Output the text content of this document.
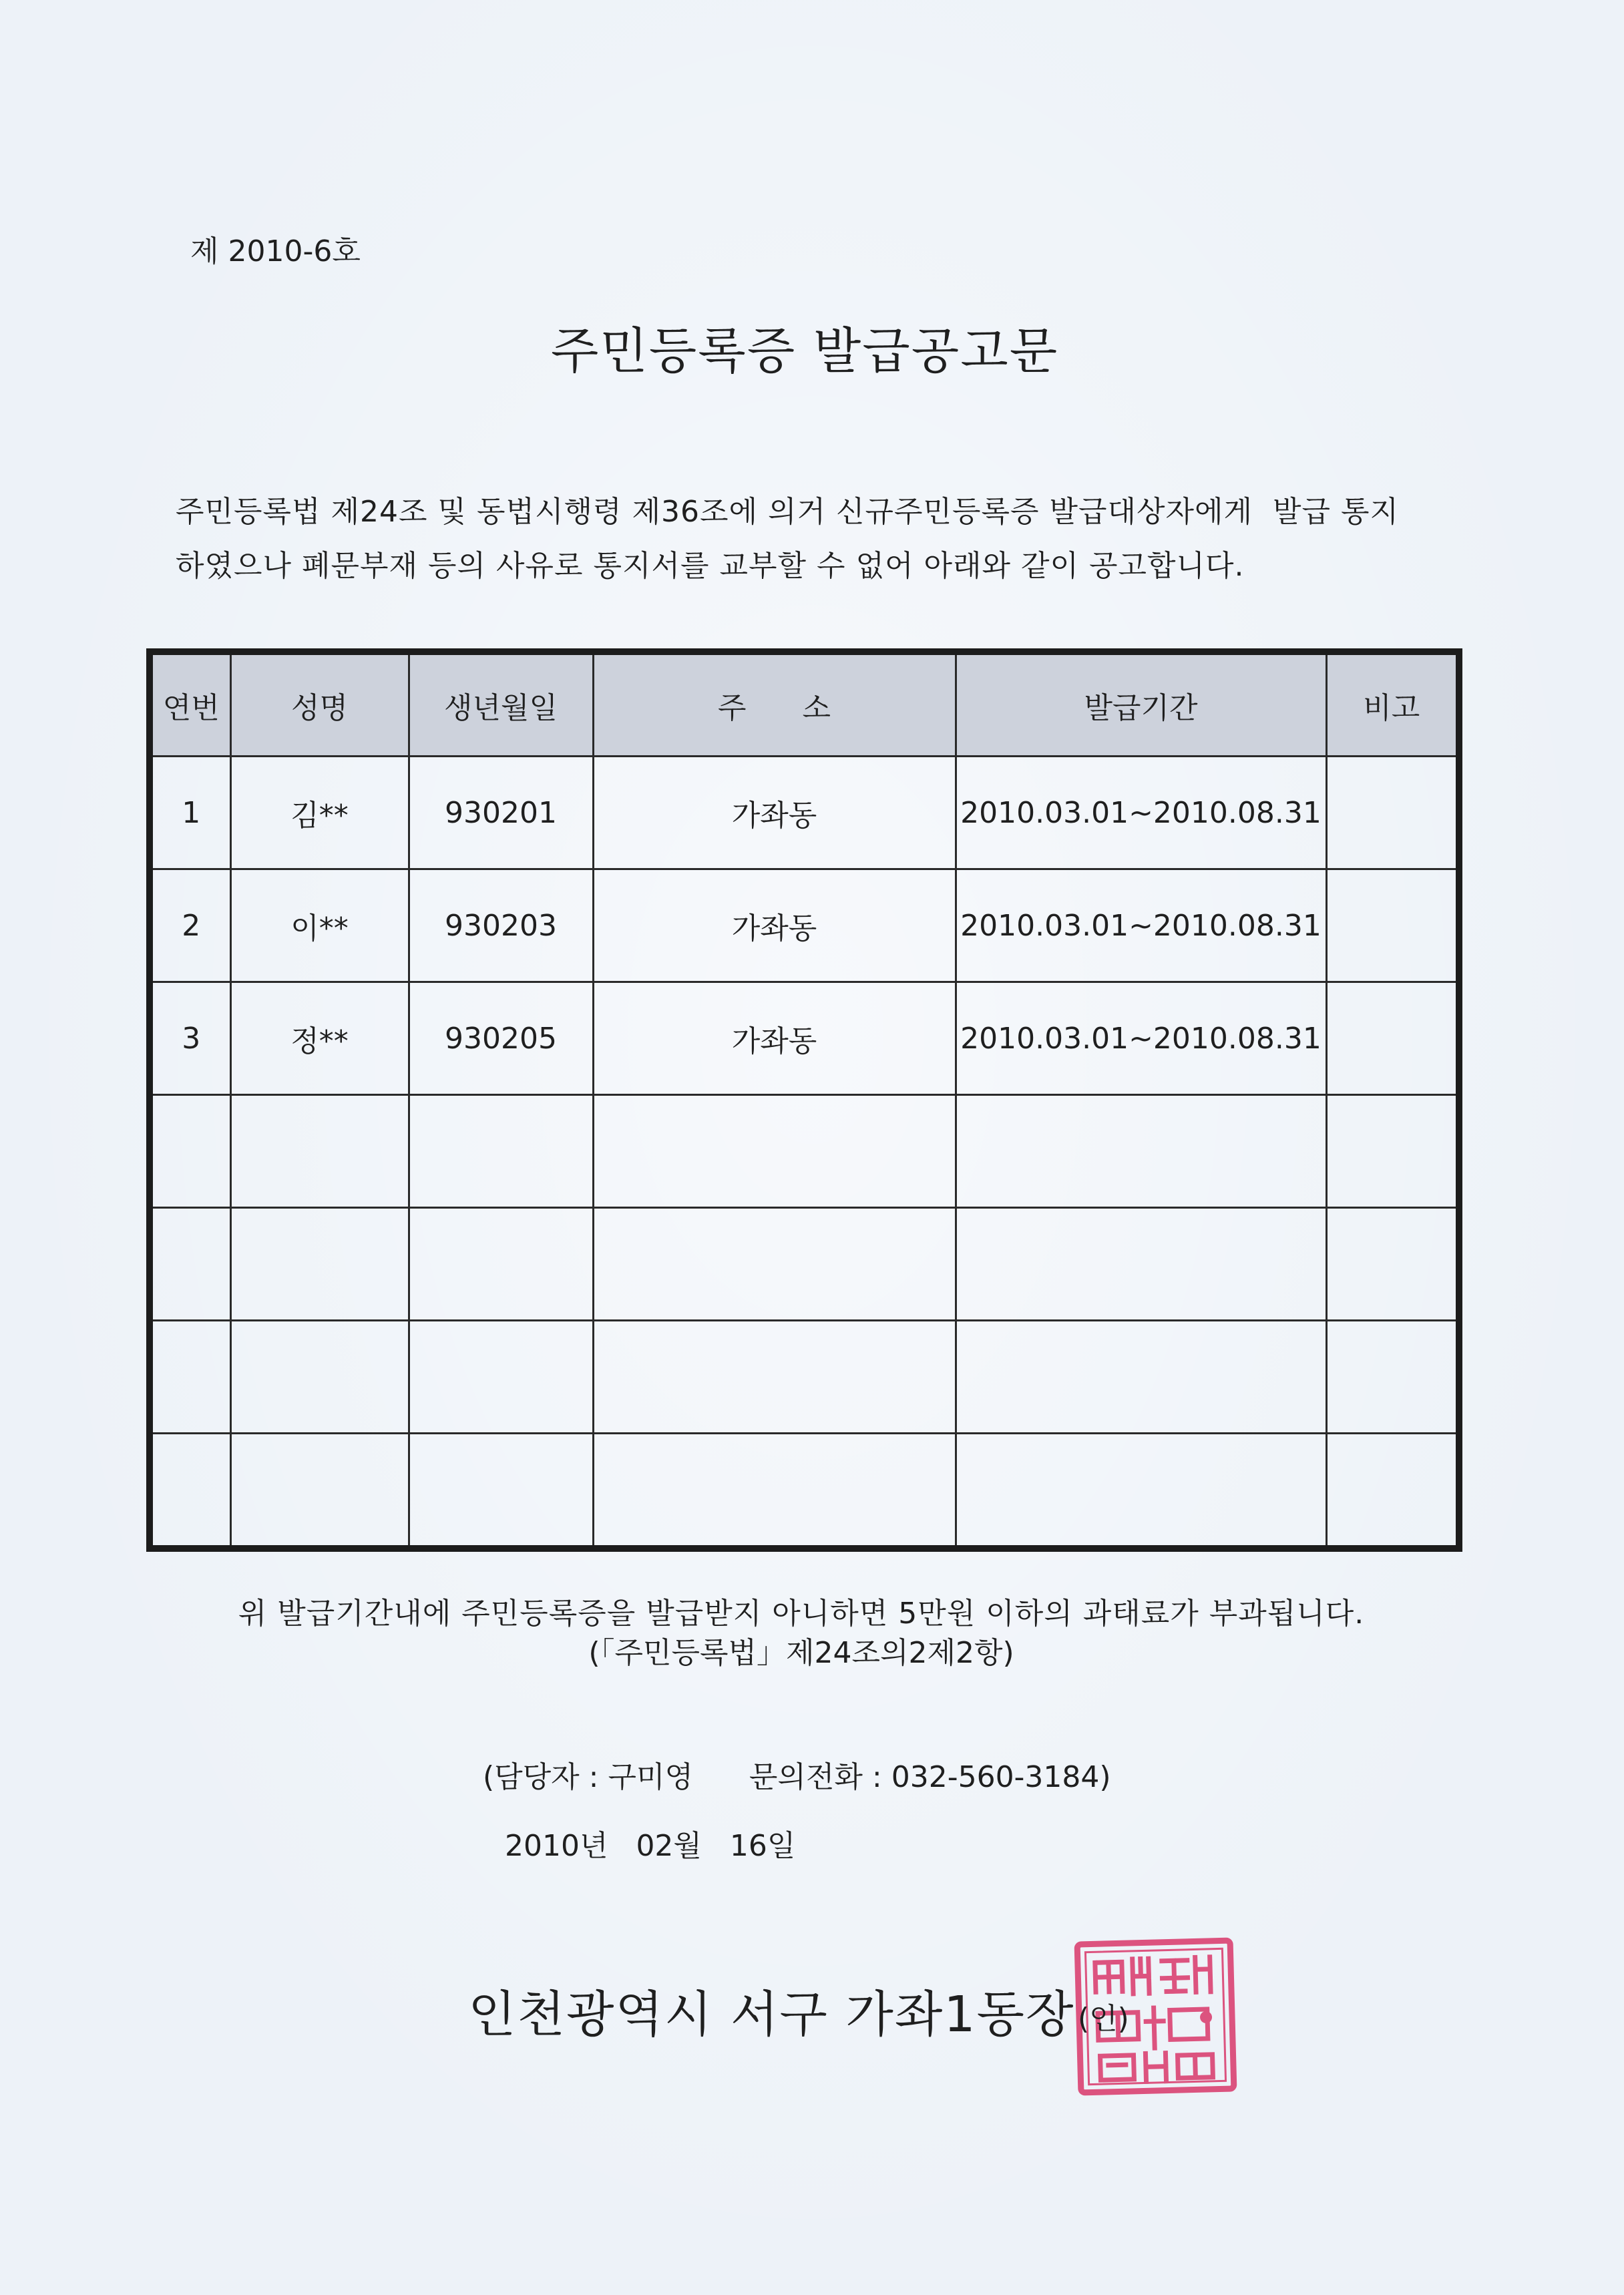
제 2010-6호
주민등록증 발급공고문
주민등록법 제24조 및 동법시행령 제36조에 의거 신규주민등록증 발급대상자에게  발급 통지
하였으나 폐문부재 등의 사유로 통지서를 교부할 수 없어 아래와 같이 공고합니다.
연번	성명	생년월일	주      소	발급기간	비고
1	김**	930201	가좌동	2010.03.01~2010.08.31	
2	이**	930203	가좌동	2010.03.01~2010.08.31	
3	정**	930205	가좌동	2010.03.01~2010.08.31	

위 발급기간내에 주민등록증을 발급받지 아니하면 5만원 이하의 과태료가 부과됩니다.
(「주민등록법」제24조의2제2항)
(담당자 : 구미영      문의전화 : 032-560-3184)
2010년   02월   16일
인천광역시 서구 가좌1동장 (인)
